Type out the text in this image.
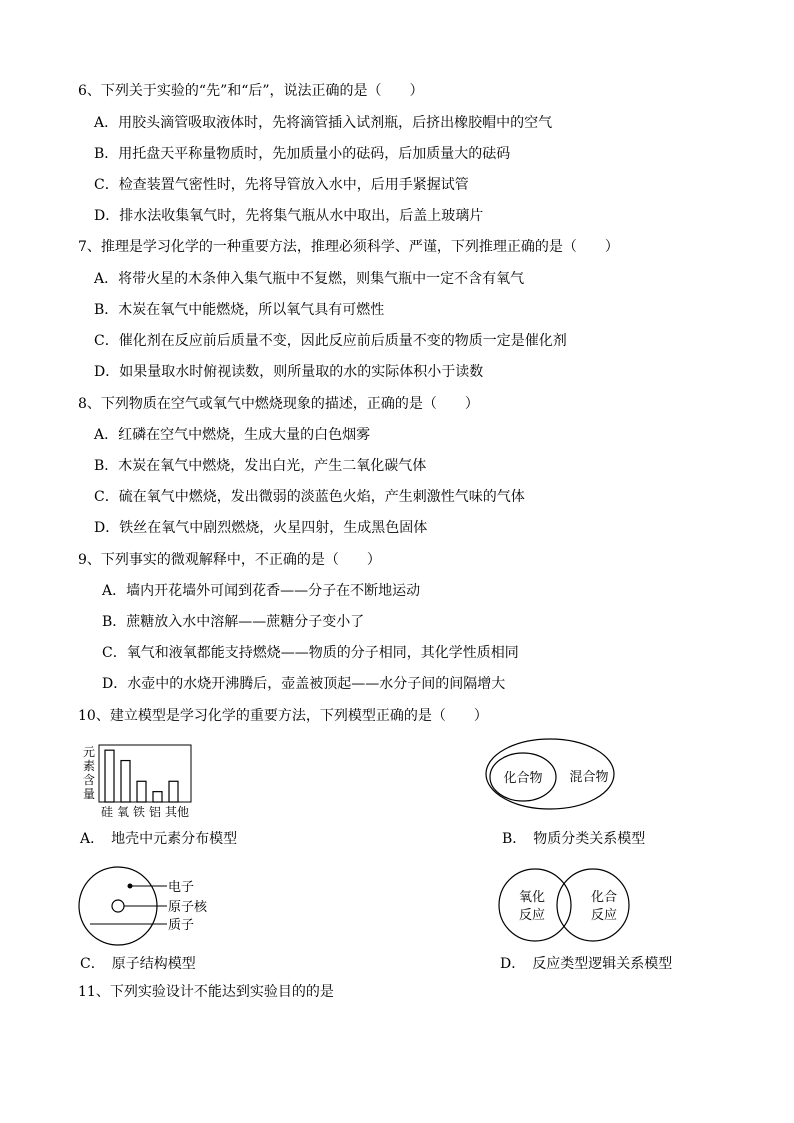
6、下列关于实验的“先”和“后”，说法正确的是（　　）
A．用胶头滴管吸取液体时，先将滴管插入试剂瓶，后挤出橡胶帽中的空气
B．用托盘天平称量物质时，先加质量小的砝码，后加质量大的砝码
C．检查装置气密性时，先将导管放入水中，后用手紧握试管
D．排水法收集氧气时，先将集气瓶从水中取出，后盖上玻璃片
7、推理是学习化学的一种重要方法，推理必须科学、严谨，下列推理正确的是（　　）
A．将带火星的木条伸入集气瓶中不复燃，则集气瓶中一定不含有氧气
B．木炭在氧气中能燃烧，所以氧气具有可燃性
C．催化剂在反应前后质量不变，因此反应前后质量不变的物质一定是催化剂
D．如果量取水时俯视读数，则所量取的水的实际体积小于读数
8、下列物质在空气或氧气中燃烧现象的描述，正确的是（　　）
A．红磷在空气中燃烧，生成大量的白色烟雾
B．木炭在氧气中燃烧，发出白光，产生二氧化碳气体
C．硫在氧气中燃烧，发出微弱的淡蓝色火焰，产生刺激性气味的气体
D．铁丝在氧气中剧烈燃烧，火星四射，生成黑色固体
9、下列事实的微观解释中，不正确的是（　　）
A．墙内开花墙外可闻到花香——分子在不断地运动
B．蔗糖放入水中溶解——蔗糖分子变小了
C．氧气和液氧都能支持燃烧——物质的分子相同，其化学性质相同
D．水壶中的水烧开沸腾后，壶盖被顶起——水分子间的间隔增大
10、建立模型是学习化学的重要方法，下列模型正确的是（　　）
元
素
含
量
硅 氧 铁 铝 其他
A．　地壳中元素分布模型
化合物 混合物
B．　物质分类关系模型
电子
原子核
质子
C．　原子结构模型
氧化
反应
化合
反应
D．　反应类型逻辑关系模型
11、下列实验设计不能达到实验目的的是
